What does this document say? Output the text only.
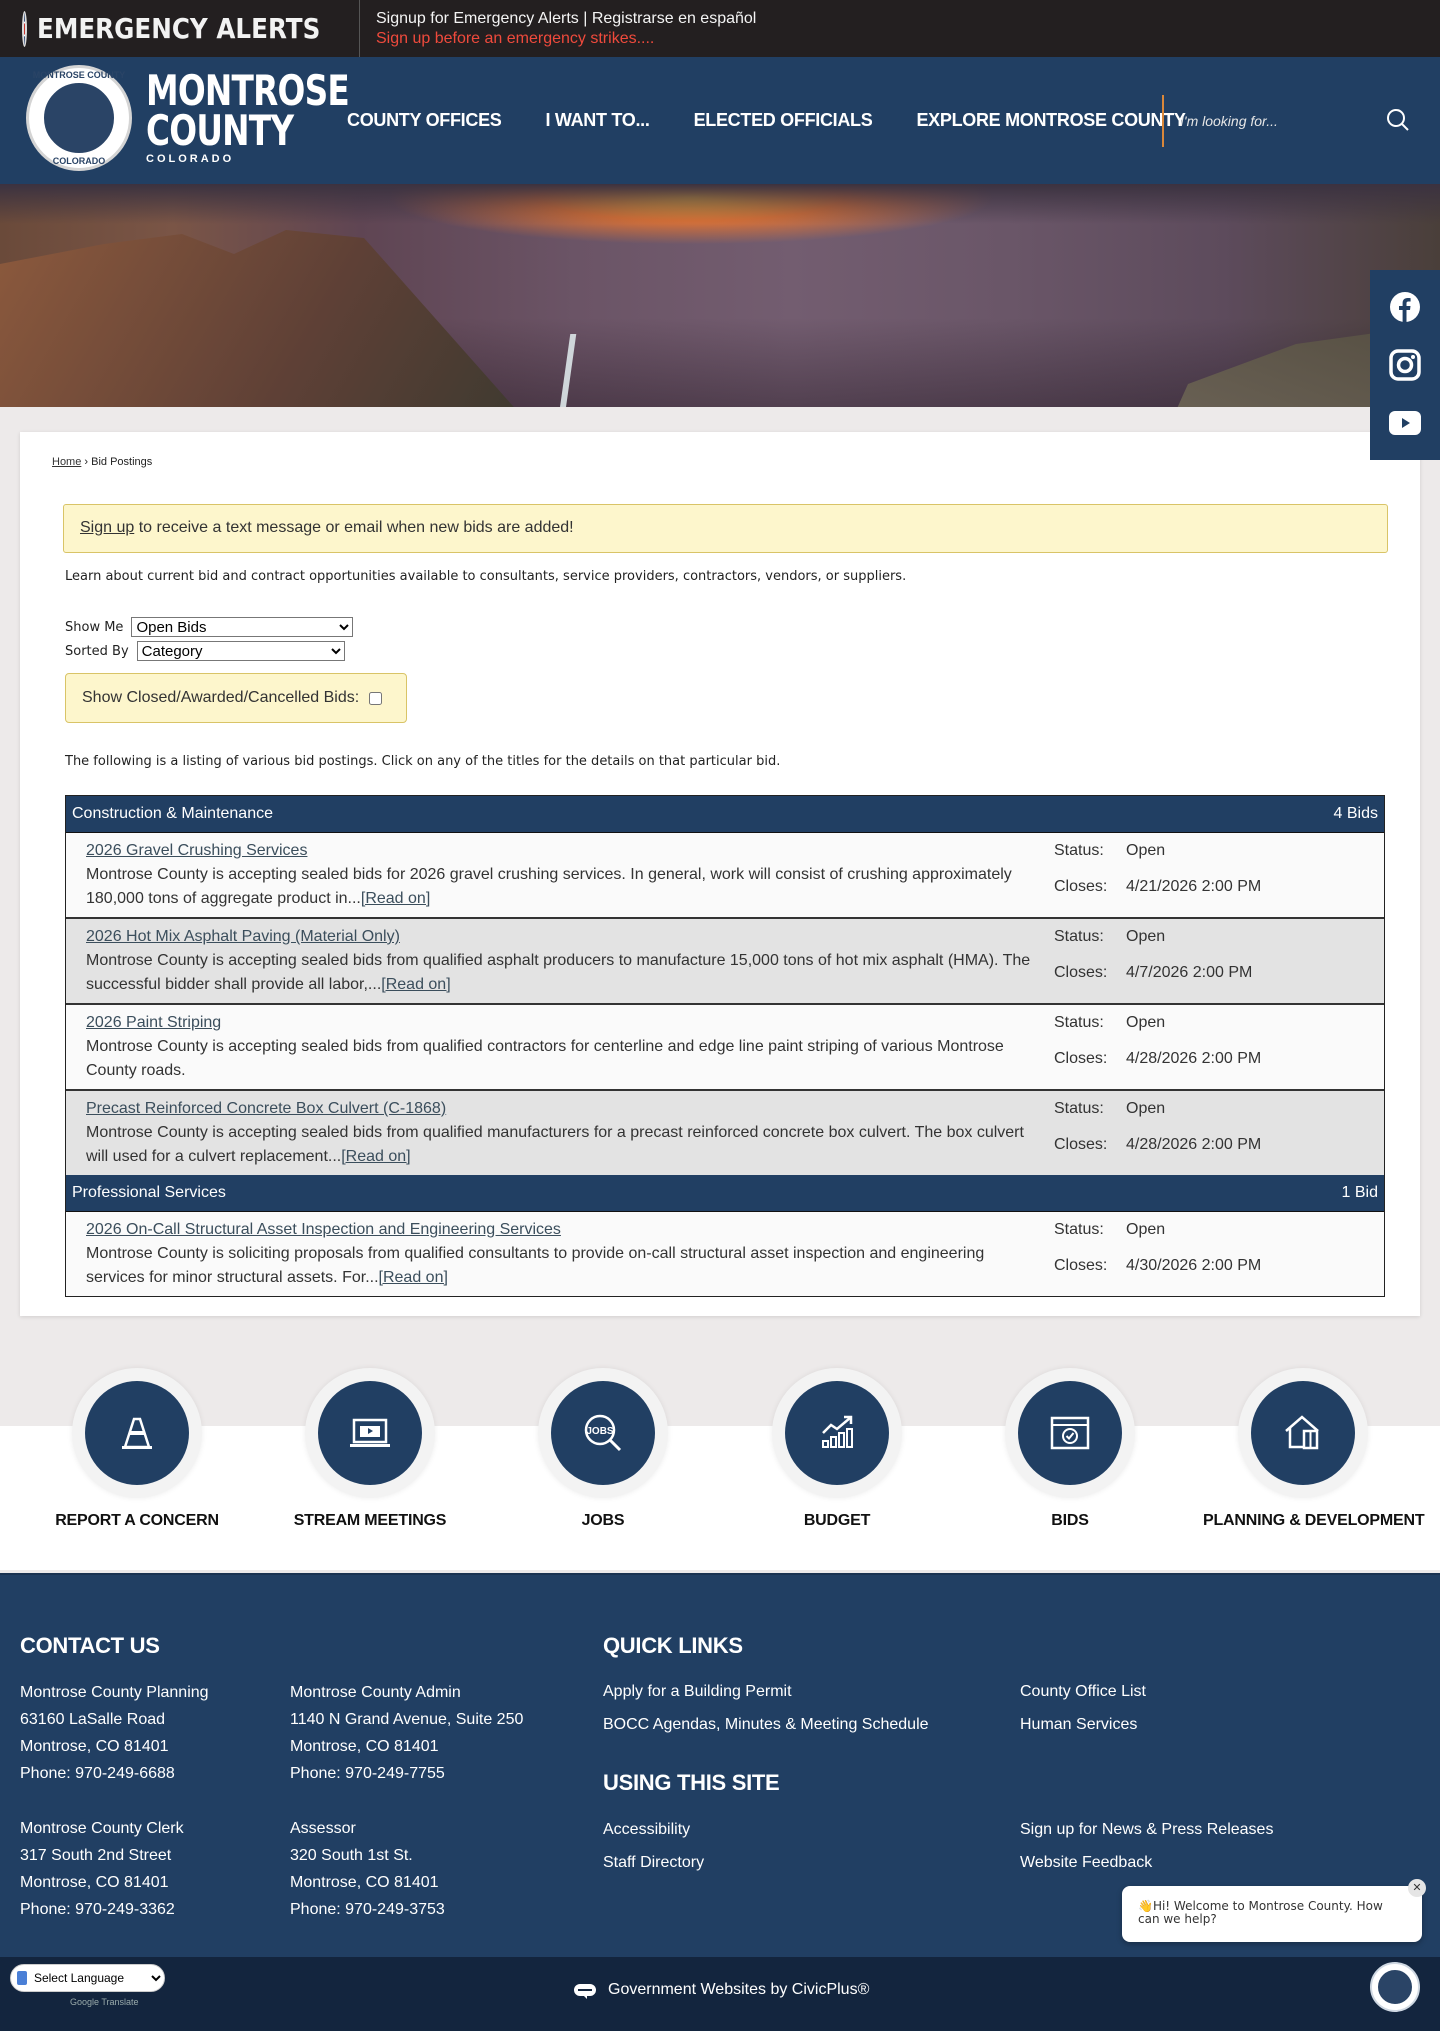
EMERGENCY ALERTS	Signup for Emergency Alerts | Registrarse en español
Sign up before an emergency strikes....
MONTROSE COUNTY
COLORADO
MONTROSE
COUNTY
COLORADO
COUNTY OFFICES I WANT TO... ELECTED OFFICIALS EXPLORE MONTROSE COUNTY
I'm looking for...
Home › Bid Postings
Sign up to receive a text message or email when new bids are added!
Learn about current bid and contract opportunities available to consultants, service providers, contractors, vendors, or suppliers.
Show Me
Open Bids
Sorted By
Category
Show Closed/Awarded/Cancelled Bids:
The following is a listing of various bid postings. Click on any of the titles for the details on that particular bid.
Construction & Maintenance	4 Bids
2026 Gravel Crushing Services
Montrose County is accepting sealed bids for 2026 gravel crushing services. In general, work will consist of crushing approximately 180,000 tons of aggregate product in...[Read on]
Status:	Open
Closes:	4/21/2026 2:00 PM
2026 Hot Mix Asphalt Paving (Material Only)
Montrose County is accepting sealed bids from qualified asphalt producers to manufacture 15,000 tons of hot mix asphalt (HMA). The successful bidder shall provide all labor,...[Read on]
Status:	Open
Closes:	4/7/2026 2:00 PM
2026 Paint Striping
Montrose County is accepting sealed bids from qualified contractors for centerline and edge line paint striping of various Montrose County roads.
Status:	Open
Closes:	4/28/2026 2:00 PM
Precast Reinforced Concrete Box Culvert (C-1868)
Montrose County is accepting sealed bids from qualified manufacturers for a precast reinforced concrete box culvert. The box culvert will used for a culvert replacement...[Read on]
Status:	Open
Closes:	4/28/2026 2:00 PM
Professional Services	1 Bid
2026 On-Call Structural Asset Inspection and Engineering Services
Montrose County is soliciting proposals from qualified consultants to provide on-call structural asset inspection and engineering services for minor structural assets. For...[Read on]
Status:	Open
Closes:	4/30/2026 2:00 PM
REPORT A CONCERN	STREAM MEETINGS
JOBS
JOBS	BUDGET	BIDS	PLANNING & DEVELOPMENT
CONTACT US
Montrose County Planning
63160 LaSalle Road
Montrose, CO 81401
Phone: 970-249-6688
Montrose County Admin
1140 N Grand Avenue, Suite 250
Montrose, CO 81401
Phone: 970-249-7755
Montrose County Clerk
317 South 2nd Street
Montrose, CO 81401
Phone: 970-249-3362
Assessor
320 South 1st St.
Montrose, CO 81401
Phone: 970-249-3753
QUICK LINKS
Apply for a Building Permit
BOCC Agendas, Minutes & Meeting Schedule
County Office List
Human Services
USING THIS SITE
Accessibility
Staff Directory
Sign up for News & Press Releases
Website Feedback
Select Language
Google Translate
Government Websites by CivicPlus®
👋Hi! Welcome to Montrose County. How can we help?
✕
